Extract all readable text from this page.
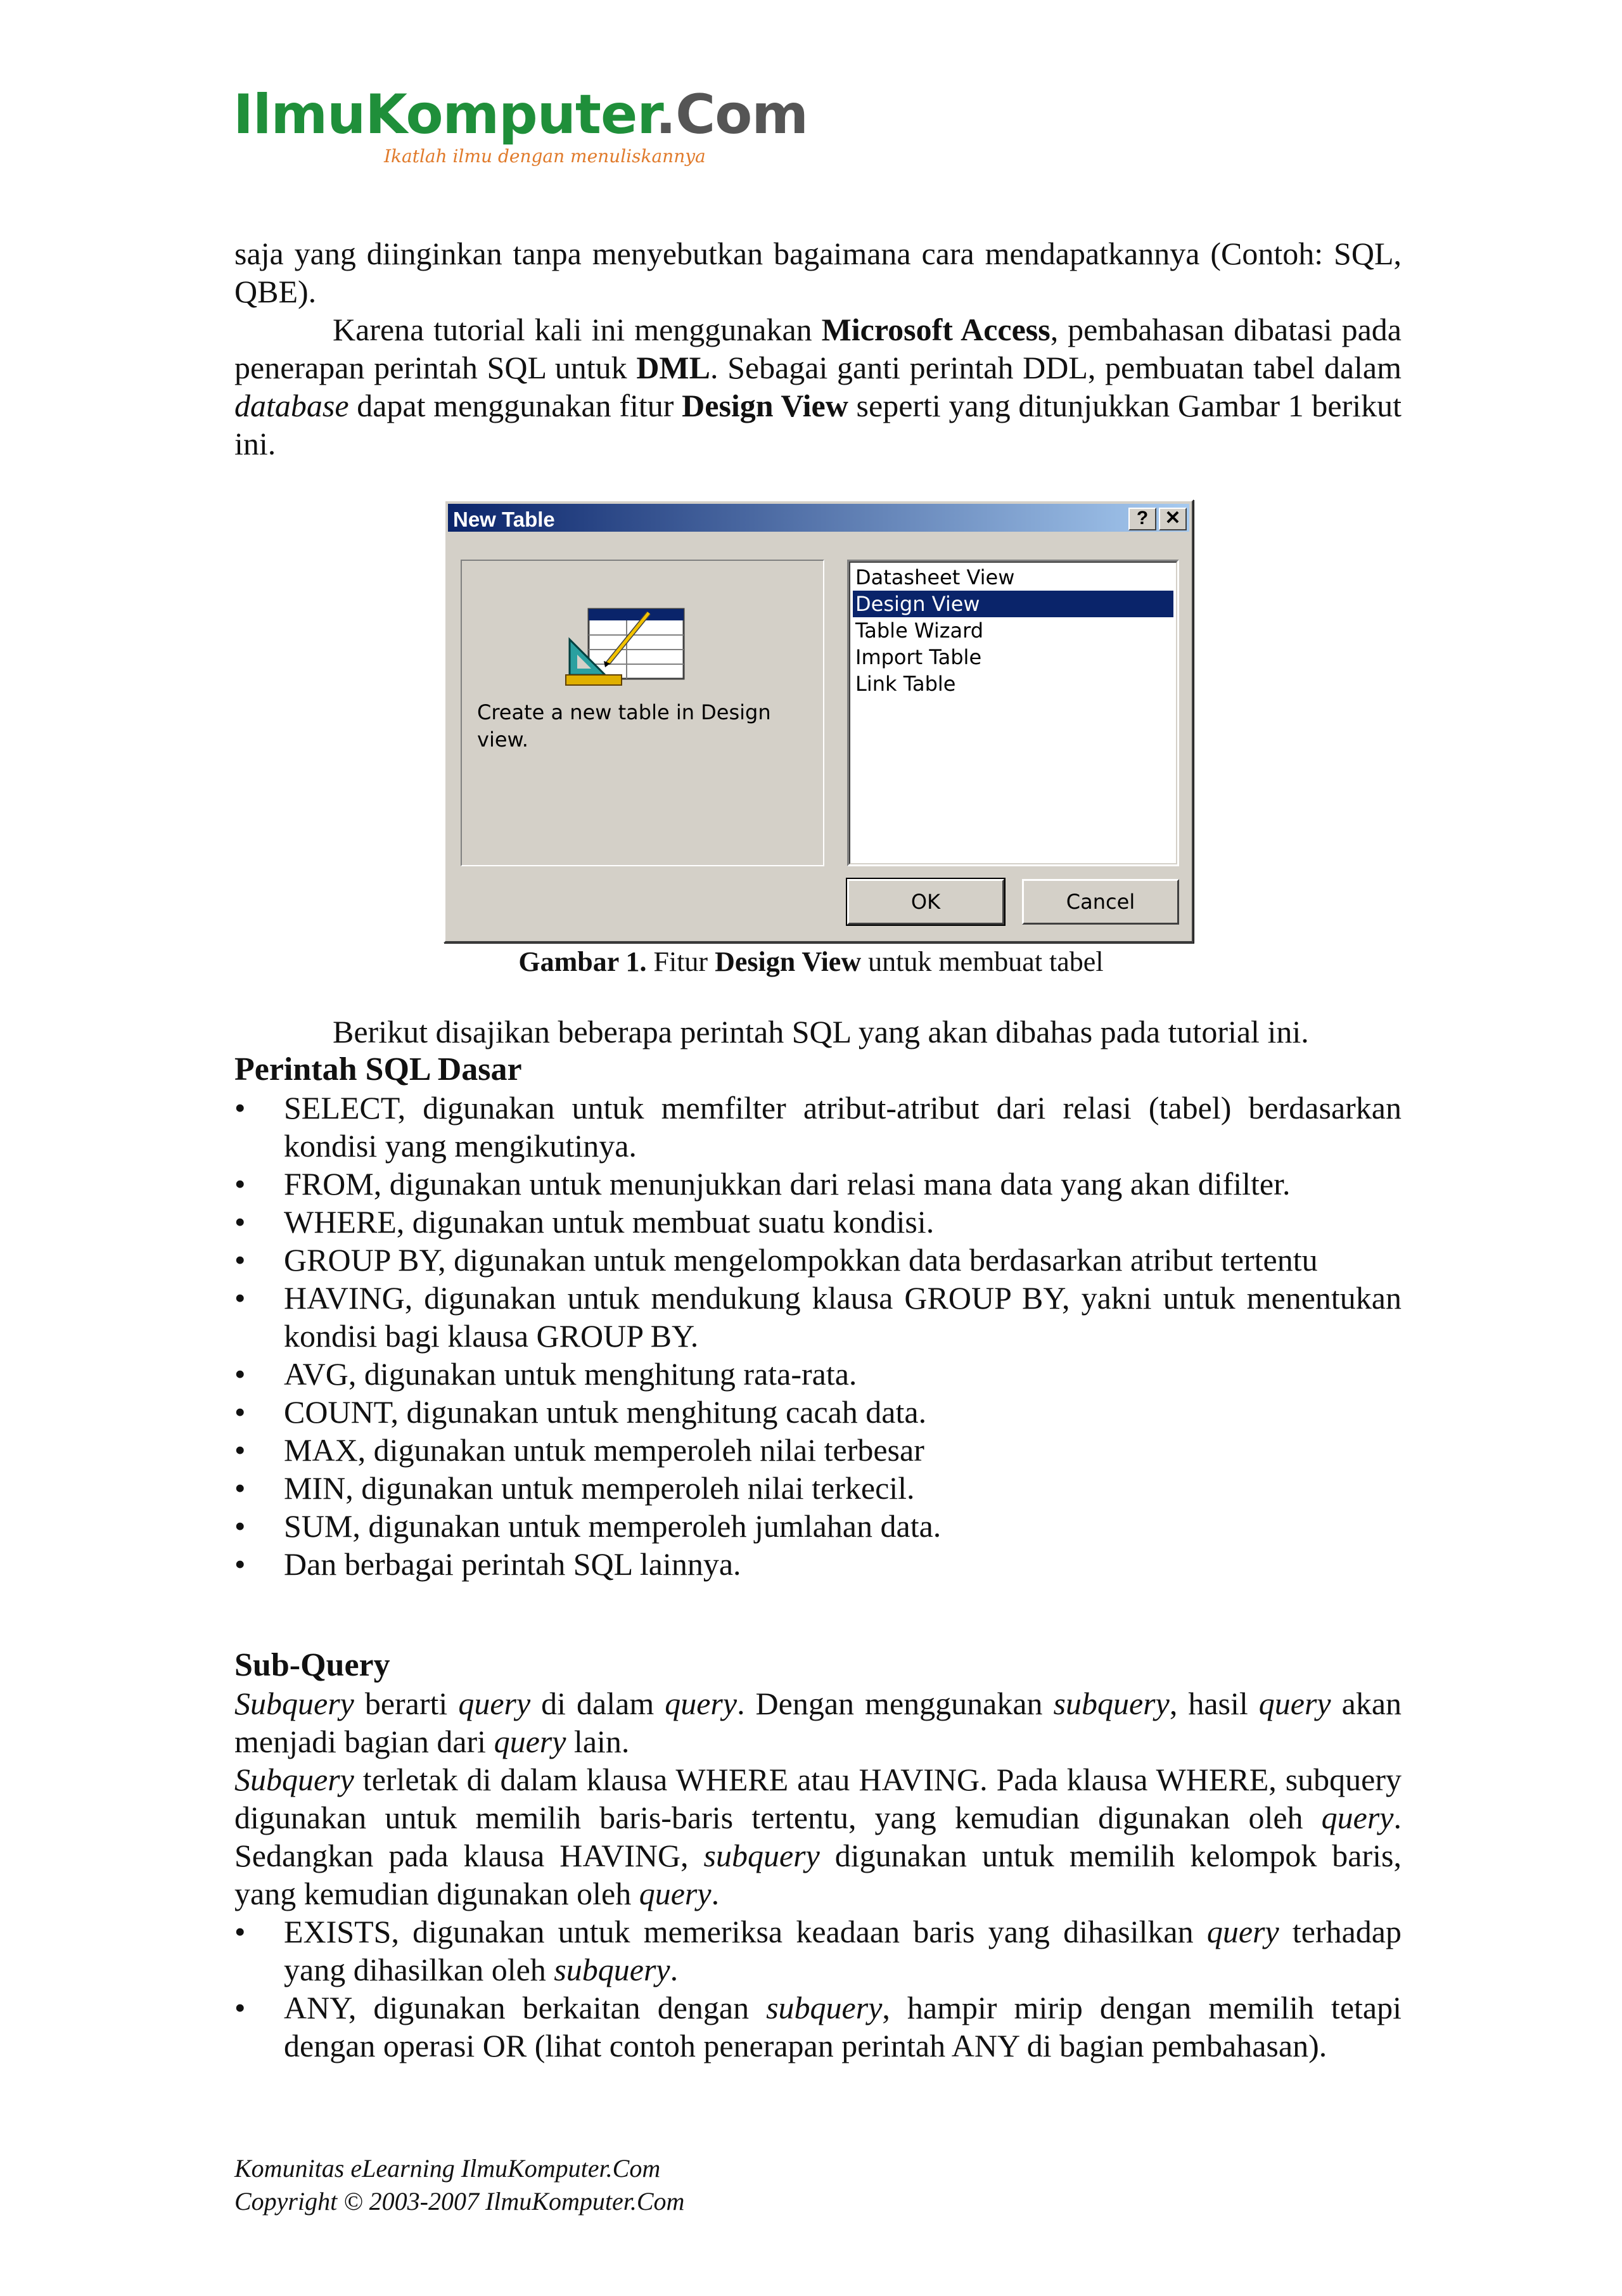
IlmuKomputer.Com
Ikatlah ilmu dengan menuliskannya

saja yang diinginkan tanpa menyebutkan bagaimana cara mendapatkannya (Contoh: SQL, QBE).

Karena tutorial kali ini menggunakan Microsoft Access, pembahasan dibatasi pada penerapan perintah SQL untuk DML. Sebagai ganti perintah DDL, pembuatan tabel dalam database dapat menggunakan fitur Design View seperti yang ditunjukkan Gambar 1 berikut ini.

New Table	? ✕
Create a new table in Design view.
Datasheet View
Design View
Table Wizard
Import Table
Link Table
OK	Cancel
Gambar 1. Fitur Design View untuk membuat tabel

Berikut disajikan beberapa perintah SQL yang akan dibahas pada tutorial ini.

Perintah SQL Dasar
•	SELECT, digunakan untuk memfilter atribut-atribut dari relasi (tabel) berdasarkan kondisi yang mengikutinya.
•	FROM, digunakan untuk menunjukkan dari relasi mana data yang akan difilter.
•	WHERE, digunakan untuk membuat suatu kondisi.
•	GROUP BY, digunakan untuk mengelompokkan data berdasarkan atribut tertentu
•	HAVING, digunakan untuk mendukung klausa GROUP BY, yakni untuk menentukan kondisi bagi klausa GROUP BY.
•	AVG, digunakan untuk menghitung rata-rata.
•	COUNT, digunakan untuk menghitung cacah data.
•	MAX, digunakan untuk memperoleh nilai terbesar
•	MIN, digunakan untuk memperoleh nilai terkecil.
•	SUM, digunakan untuk memperoleh jumlahan data.
•	Dan berbagai perintah SQL lainnya.
Sub-Query

Subquery berarti query di dalam query. Dengan menggunakan subquery, hasil query akan menjadi bagian dari query lain.

Subquery terletak di dalam klausa WHERE atau HAVING. Pada klausa WHERE, subquery digunakan untuk memilih baris-baris tertentu, yang kemudian digunakan oleh query. Sedangkan pada klausa HAVING, subquery digunakan untuk memilih kelompok baris, yang kemudian digunakan oleh query.

•	EXISTS, digunakan untuk memeriksa keadaan baris yang dihasilkan query terhadap yang dihasilkan oleh subquery.
•	ANY, digunakan berkaitan dengan subquery, hampir mirip dengan memilih tetapi dengan operasi OR (lihat contoh penerapan perintah ANY di bagian pembahasan).
Komunitas eLearning IlmuKomputer.Com
Copyright © 2003-2007 IlmuKomputer.Com
